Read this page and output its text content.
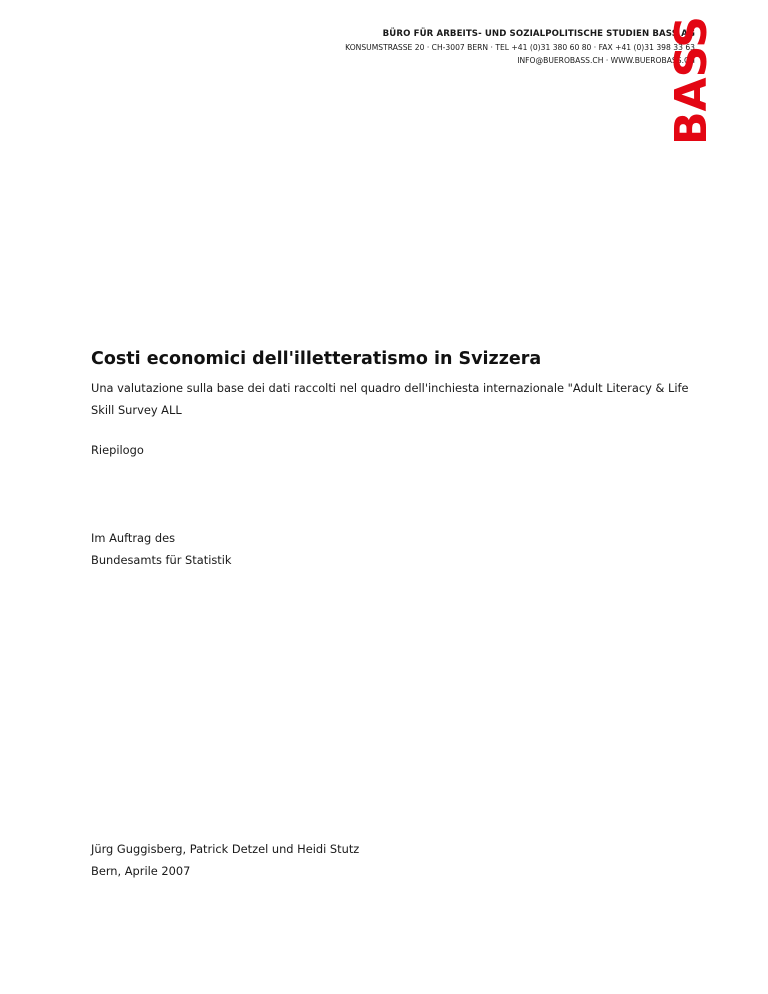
BÜRO FÜR ARBEITS- UND SOZIALPOLITISCHE STUDIEN BASS AG
KONSUMSTRASSE 20 · CH-3007 BERN · TEL +41 (0)31 380 60 80 · FAX +41 (0)31 398 33 63
INFO@BUEROBASS.CH · WWW.BUEROBASS.CH
BASS
Costi economici dell'illetteratismo in Svizzera
Una valutazione sulla base dei dati raccolti nel quadro dell'inchiesta internazionale "Adult Literacy & Life Skill Survey ALL
Riepilogo
Im Auftrag des
Bundesamts für Statistik
Jürg Guggisberg, Patrick Detzel und Heidi Stutz
Bern, Aprile 2007
